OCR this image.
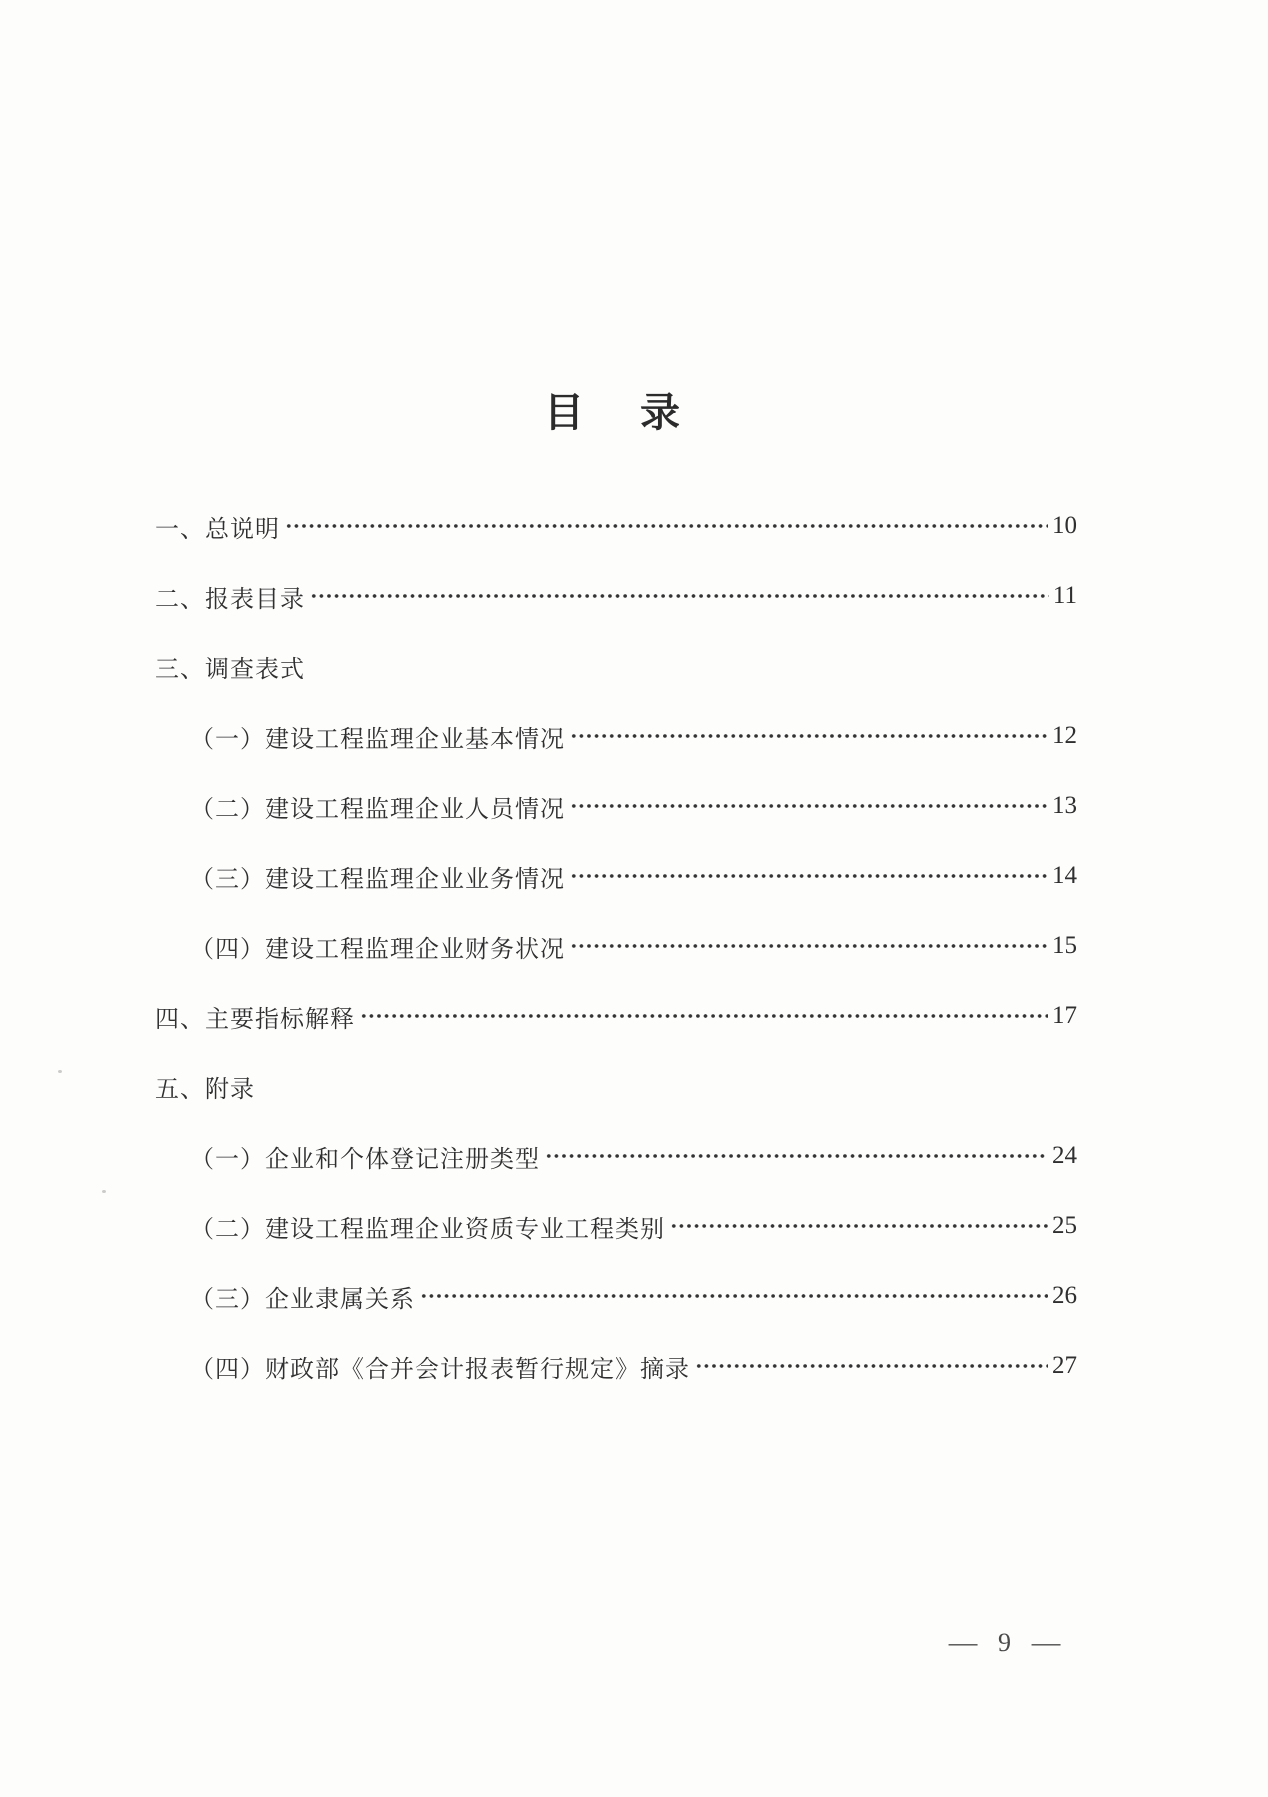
目　录
一、总说明	10
二、报表目录	11
三、调查表式
（一）建设工程监理企业基本情况	12
（二）建设工程监理企业人员情况	13
（三）建设工程监理企业业务情况	14
（四）建设工程监理企业财务状况	15
四、主要指标解释	17
五、附录
（一）企业和个体登记注册类型	24
（二）建设工程监理企业资质专业工程类别	25
（三）企业隶属关系	26
（四）财政部《合并会计报表暂行规定》摘录	27
— 9 —
